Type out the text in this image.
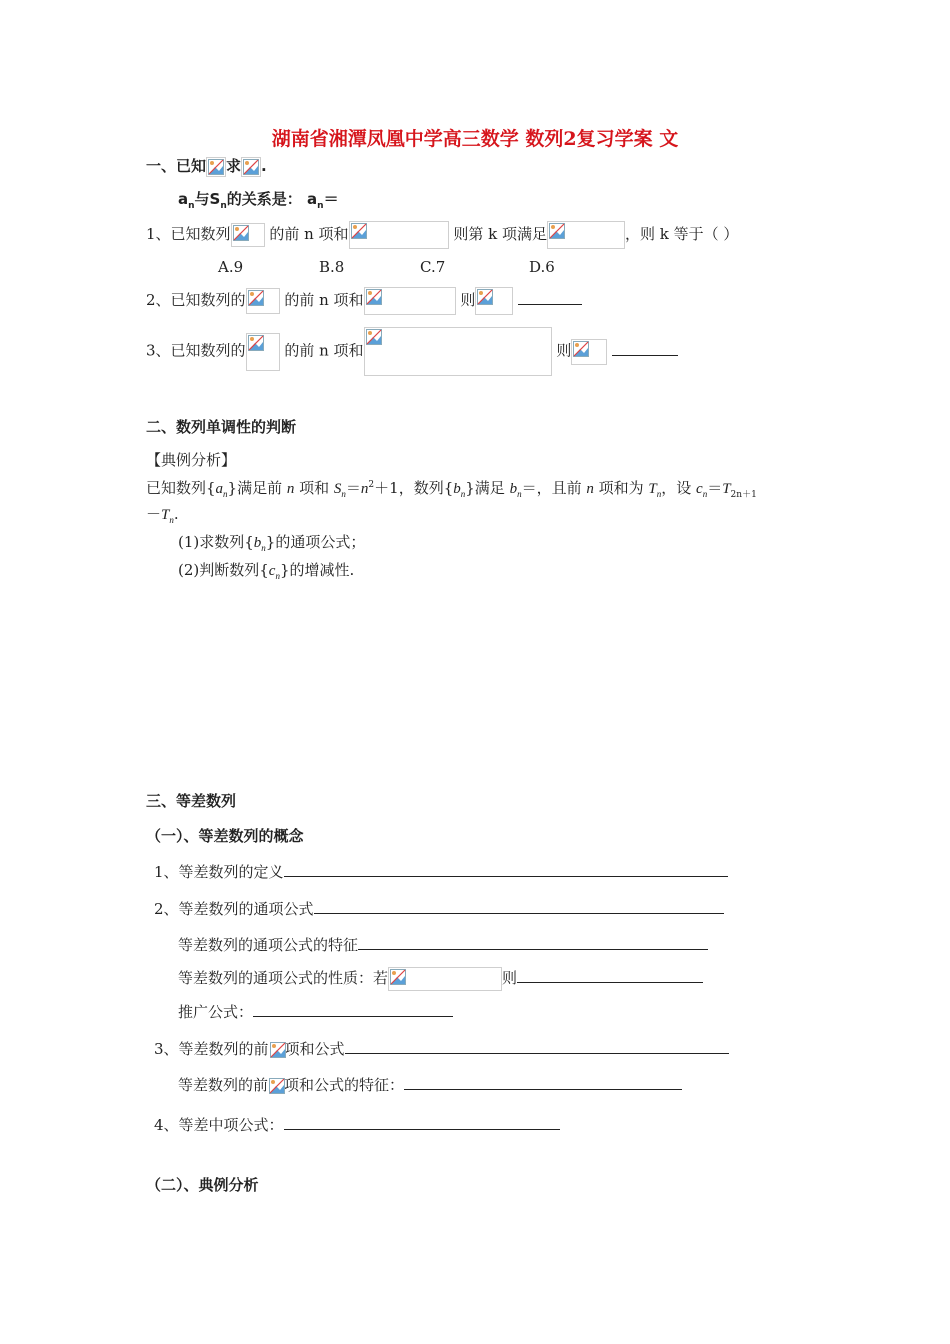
湖南省湘潭凤凰中学高三数学 数列2复习学案 文
一、已知 求 .
$a_n$与$S_n$的关系是： $a_n=$
1、已知数列	的前 n 项和	则第 k 项满足	，则 k 等于（ ）
A.9	B.8	C.7	D.6
2、已知数列的	的前 n 项和	则

3、已知数列的	的前 n 项和	则

二、数列单调性的判断
【典例分析】
已知数列$\{a_n\}$满足前 n 项和 $S_n=n^2+1$，数列$\{b_n\}$满足 $b_n=$，且前 n 项和为 $T_n$，设 $c_n=T_{2n+1}$
$-T_n$.
(1)求数列$\{b_n\}$的通项公式；
(2)判断数列$\{c_n\}$的增减性.
三、等差数列
（一）、等差数列的概念
1、等差数列的定义
2、等差数列的通项公式
等差数列的通项公式的特征
等差数列的通项公式的性质：若	则
推广公式：
3、等差数列的前 项和公式
等差数列的前 项和公式的特征：
4、等差中项公式：
（二）、典例分析
